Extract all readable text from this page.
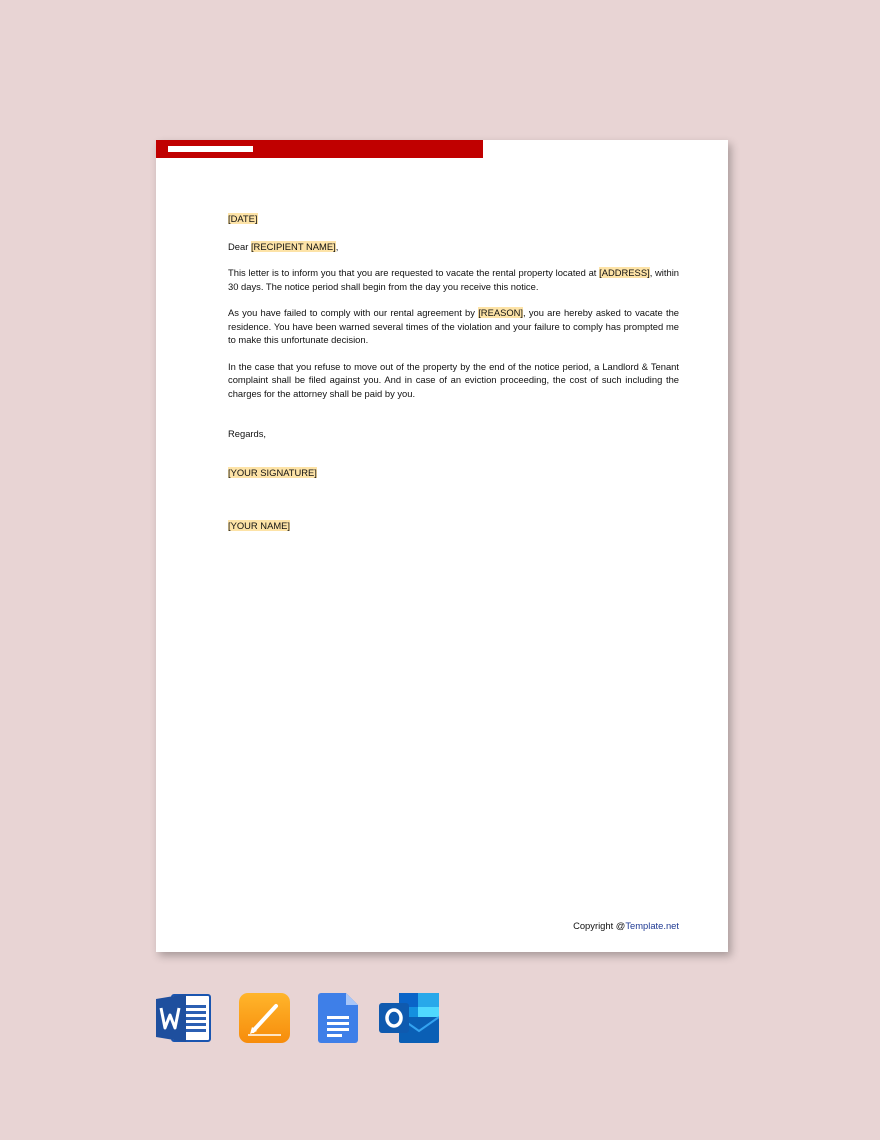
[DATE]

Dear [RECIPIENT NAME],

This letter is to inform you that you are requested to vacate the rental property located at [ADDRESS], within 30 days. The notice period shall begin from the day you receive this notice.

As you have failed to comply with our rental agreement by [REASON], you are hereby asked to vacate the residence. You have been warned several times of the violation and your failure to comply has prompted me to make this unfortunate decision.

In the case that you refuse to move out of the property by the end of the notice period, a Landlord & Tenant complaint shall be filed against you. And in case of an eviction proceeding, the cost of such including the charges for the attorney shall be paid by you.

Regards,

[YOUR SIGNATURE]

[YOUR NAME]

Copyright @Template.net
